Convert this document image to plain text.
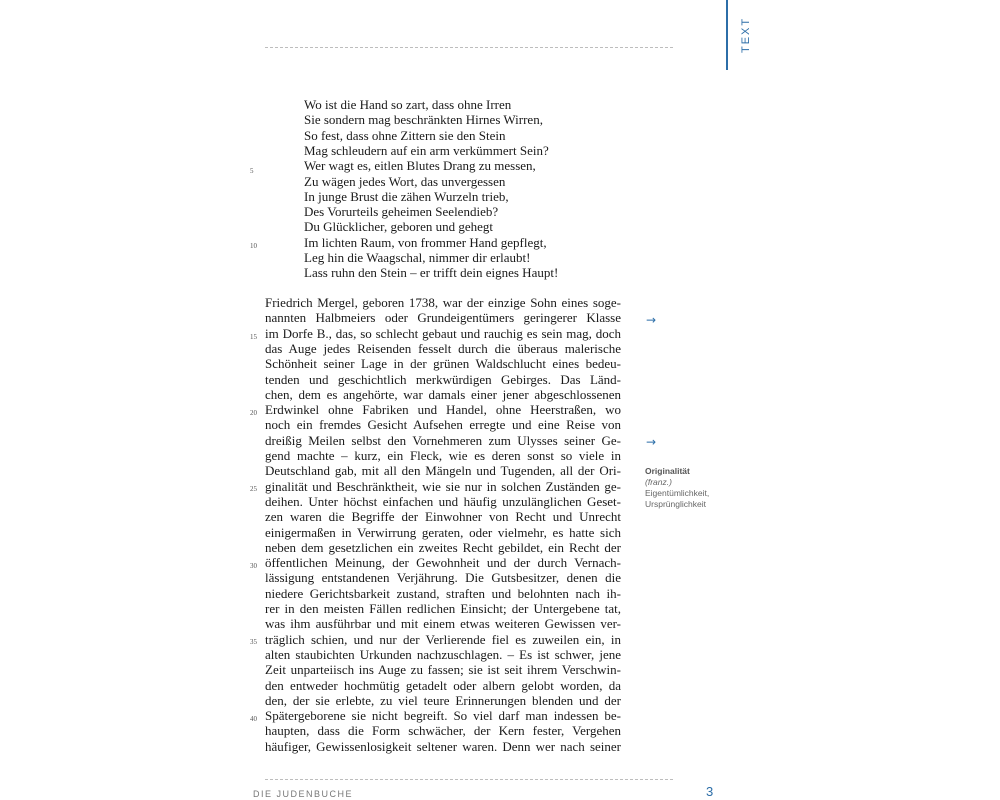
TEXT
Wo ist die Hand so zart, dass ohne Irren
Sie sondern mag beschränkten Hirnes Wirren,
So fest, dass ohne Zittern sie den Stein
Mag schleudern auf ein arm verkümmert Sein?
Wer wagt es, eitlen Blutes Drang zu messen,
Zu wägen jedes Wort, das unvergessen
In junge Brust die zähen Wurzeln trieb,
Des Vorurteils geheimen Seelendieb?
Du Glücklicher, geboren und gehegt
Im lichten Raum, von frommer Hand gepflegt,
Leg hin die Waagschal, nimmer dir erlaubt!
Lass ruhn den Stein – er trifft dein eignes Haupt!
5
10
Friedrich Mergel, geboren 1738, war der einzige Sohn eines soge-
nannten Halbmeiers oder Grundeigentümers geringerer Klasse
im Dorfe B., das, so schlecht gebaut und rauchig es sein mag, doch
das Auge jedes Reisenden fesselt durch die überaus malerische
Schönheit seiner Lage in der grünen Waldschlucht eines bedeu-
tenden und geschichtlich merkwürdigen Gebirges. Das Länd-
chen, dem es angehörte, war damals einer jener abgeschlossenen
Erdwinkel ohne Fabriken und Handel, ohne Heerstraßen, wo
noch ein fremdes Gesicht Aufsehen erregte und eine Reise von
dreißig Meilen selbst den Vornehmeren zum Ulysses seiner Ge-
gend machte – kurz, ein Fleck, wie es deren sonst so viele in
Deutschland gab, mit all den Mängeln und Tugenden, all der Ori-
ginalität und Beschränktheit, wie sie nur in solchen Zuständen ge-
deihen. Unter höchst einfachen und häufig unzulänglichen Geset-
zen waren die Begriffe der Einwohner von Recht und Unrecht
einigermaßen in Verwirrung geraten, oder vielmehr, es hatte sich
neben dem gesetzlichen ein zweites Recht gebildet, ein Recht der
öffentlichen Meinung, der Gewohnheit und der durch Vernach-
lässigung entstandenen Verjährung. Die Gutsbesitzer, denen die
niedere Gerichtsbarkeit zustand, straften und belohnten nach ih-
rer in den meisten Fällen redlichen Einsicht; der Untergebene tat,
was ihm ausführbar und mit einem etwas weiteren Gewissen ver-
träglich schien, und nur der Verlierende fiel es zuweilen ein, in
alten staubichten Urkunden nachzuschlagen. – Es ist schwer, jene
Zeit unparteiisch ins Auge zu fassen; sie ist seit ihrem Verschwin-
den entweder hochmütig getadelt oder albern gelobt worden, da
den, der sie erlebte, zu viel teure Erinnerungen blenden und der
Spätergeborene sie nicht begreift. So viel darf man indessen be-
haupten, dass die Form schwächer, der Kern fester, Vergehen
häufiger, Gewissenlosigkeit seltener waren. Denn wer nach seiner
15
20
25
30
35
40
→
→
Originalität
(franz.)
Eigentümlichkeit,
Ursprünglichkeit
DIE JUDENBUCHE	3
